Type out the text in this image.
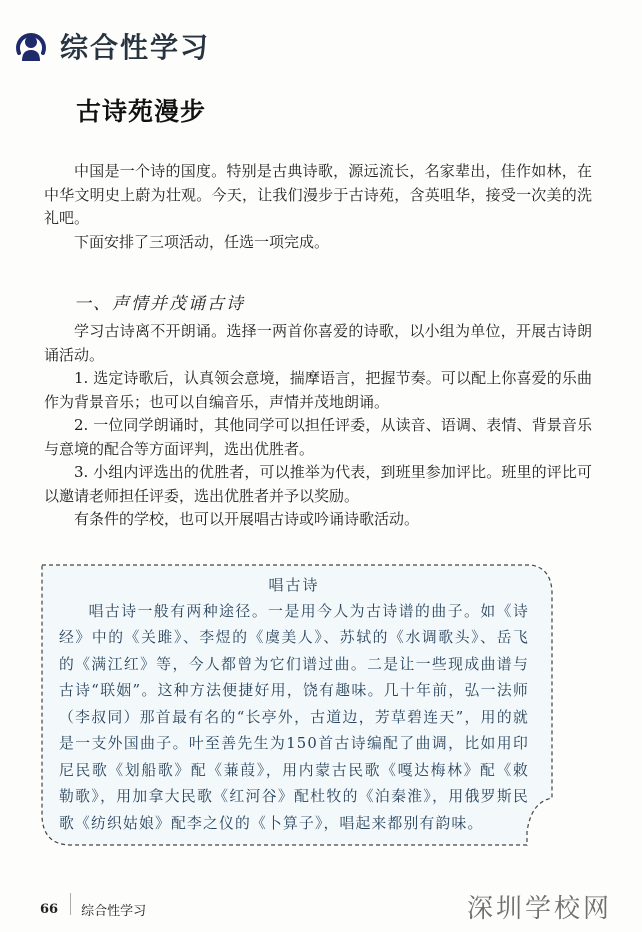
综合性学习
古诗苑漫步

中国是一个诗的国度。特别是古典诗歌，源远流长，名家辈出，佳作如林，在中华文明史上蔚为壮观。今天，让我们漫步于古诗苑，含英咀华，接受一次美的洗礼吧。

下面安排了三项活动，任选一项完成。

一、声情并茂诵古诗

学习古诗离不开朗诵。选择一两首你喜爱的诗歌，以小组为单位，开展古诗朗诵活动。

1. 选定诗歌后，认真领会意境，揣摩语言，把握节奏。可以配上你喜爱的乐曲作为背景音乐；也可以自编音乐，声情并茂地朗诵。

2. 一位同学朗诵时，其他同学可以担任评委，从读音、语调、表情、背景音乐与意境的配合等方面评判，选出优胜者。

3. 小组内评选出的优胜者，可以推举为代表，到班里参加评比。班里的评比可以邀请老师担任评委，选出优胜者并予以奖励。

有条件的学校，也可以开展唱古诗或吟诵诗歌活动。

唱古诗

唱古诗一般有两种途径。一是用今人为古诗谱的曲子。如《诗经》中的《关雎》、李煜的《虞美人》、苏轼的《水调歌头》、岳飞的《满江红》等，今人都曾为它们谱过曲。二是让一些现成曲谱与古诗“联姻”。这种方法便捷好用，饶有趣味。几十年前，弘一法师（李叔同）那首最有名的“长亭外，古道边，芳草碧连天”，用的就是一支外国曲子。叶至善先生为150首古诗编配了曲调，比如用印尼民歌《划船歌》配《蒹葭》，用内蒙古民歌《嘎达梅林》配《敕勒歌》，用加拿大民歌《红河谷》配杜牧的《泊秦淮》，用俄罗斯民歌《纺织姑娘》配李之仪的《卜算子》，唱起来都别有韵味。

66 综合性学习	深圳学校网
